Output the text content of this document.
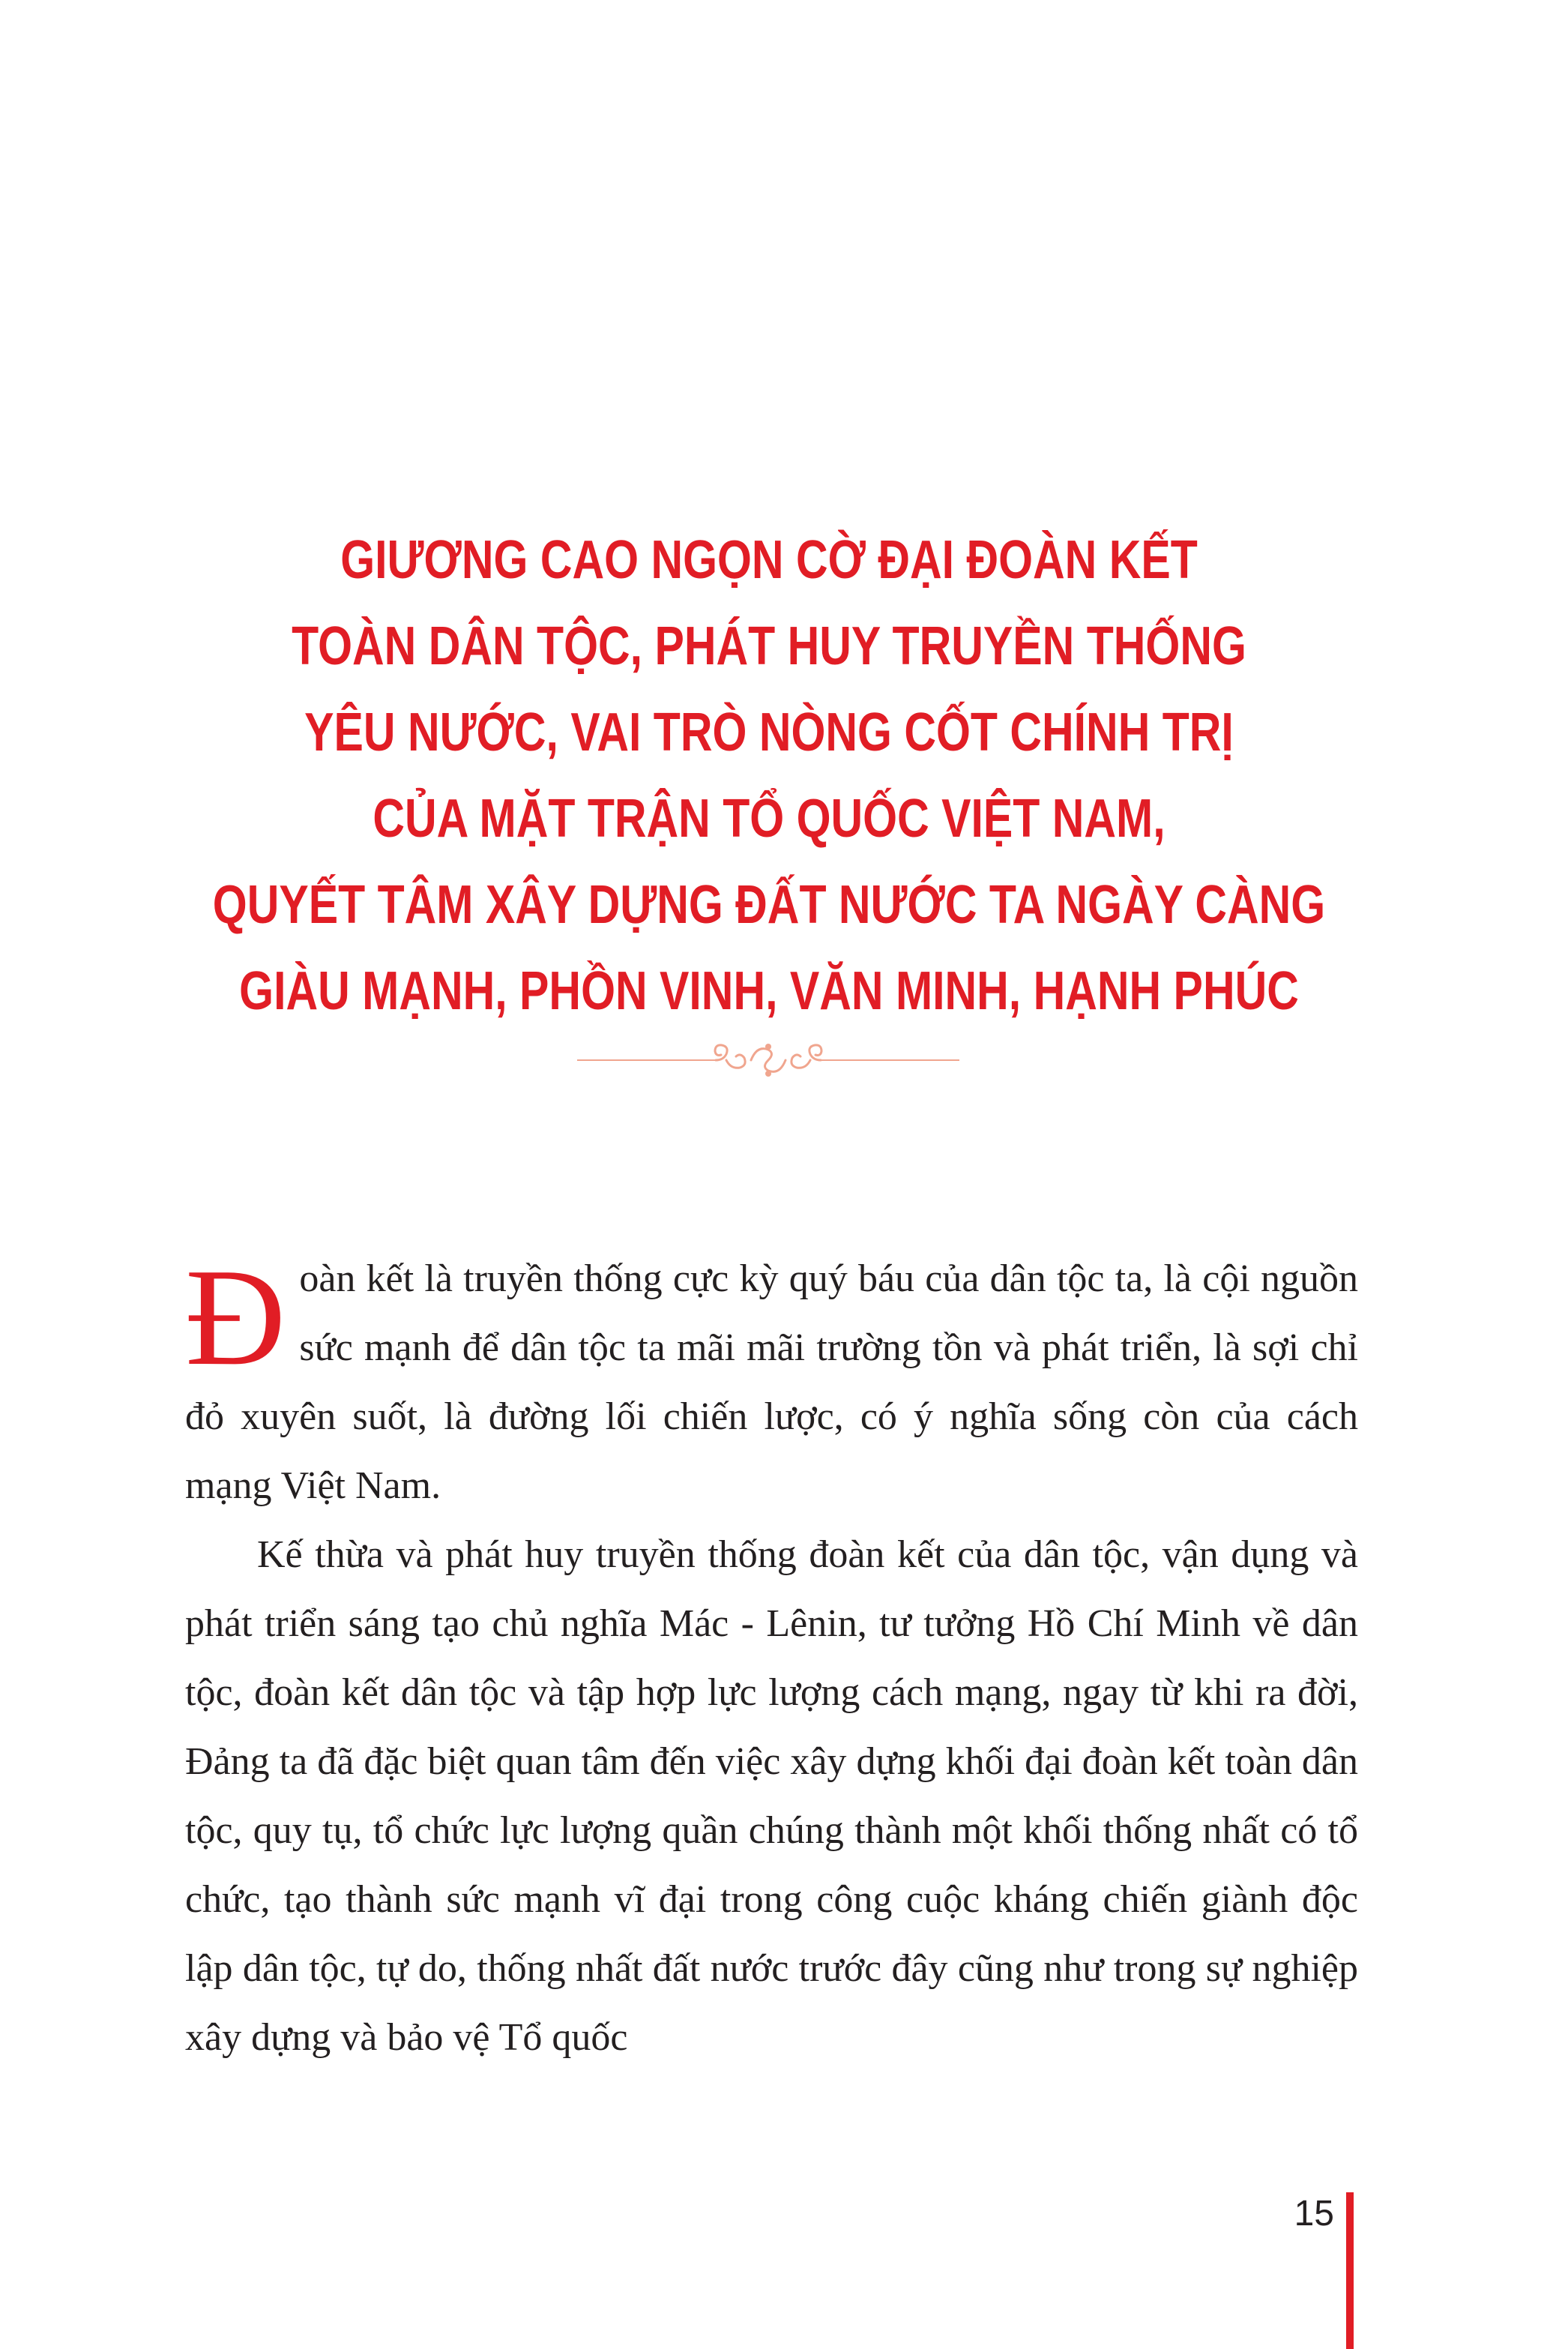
GIƯƠNG CAO NGỌN CỜ ĐẠI ĐOÀN KẾT
TOÀN DÂN TỘC, PHÁT HUY TRUYỀN THỐNG
YÊU NƯỚC, VAI TRÒ NÒNG CỐT CHÍNH TRỊ
CỦA MẶT TRẬN TỔ QUỐC VIỆT NAM,
QUYẾT TÂM XÂY DỰNG ĐẤT NƯỚC TA NGÀY CÀNG
GIÀU MẠNH, PHỒN VINH, VĂN MINH, HẠNH PHÚC

Đoàn kết là truyền thống cực kỳ quý báu của dân tộc ta, là cội nguồn sức mạnh để dân tộc ta mãi mãi trường tồn và phát triển, là sợi chỉ đỏ xuyên suốt, là đường lối chiến lược, có ý nghĩa sống còn của cách mạng Việt Nam.

Kế thừa và phát huy truyền thống đoàn kết của dân tộc, vận dụng và phát triển sáng tạo chủ nghĩa Mác - Lênin, tư tưởng Hồ Chí Minh về dân tộc, đoàn kết dân tộc và tập hợp lực lượng cách mạng, ngay từ khi ra đời, Đảng ta đã đặc biệt quan tâm đến việc xây dựng khối đại đoàn kết toàn dân tộc, quy tụ, tổ chức lực lượng quần chúng thành một khối thống nhất có tổ chức, tạo thành sức mạnh vĩ đại trong công cuộc kháng chiến giành độc lập dân tộc, tự do, thống nhất đất nước trước đây cũng như trong sự nghiệp xây dựng và bảo vệ Tổ quốc

15
